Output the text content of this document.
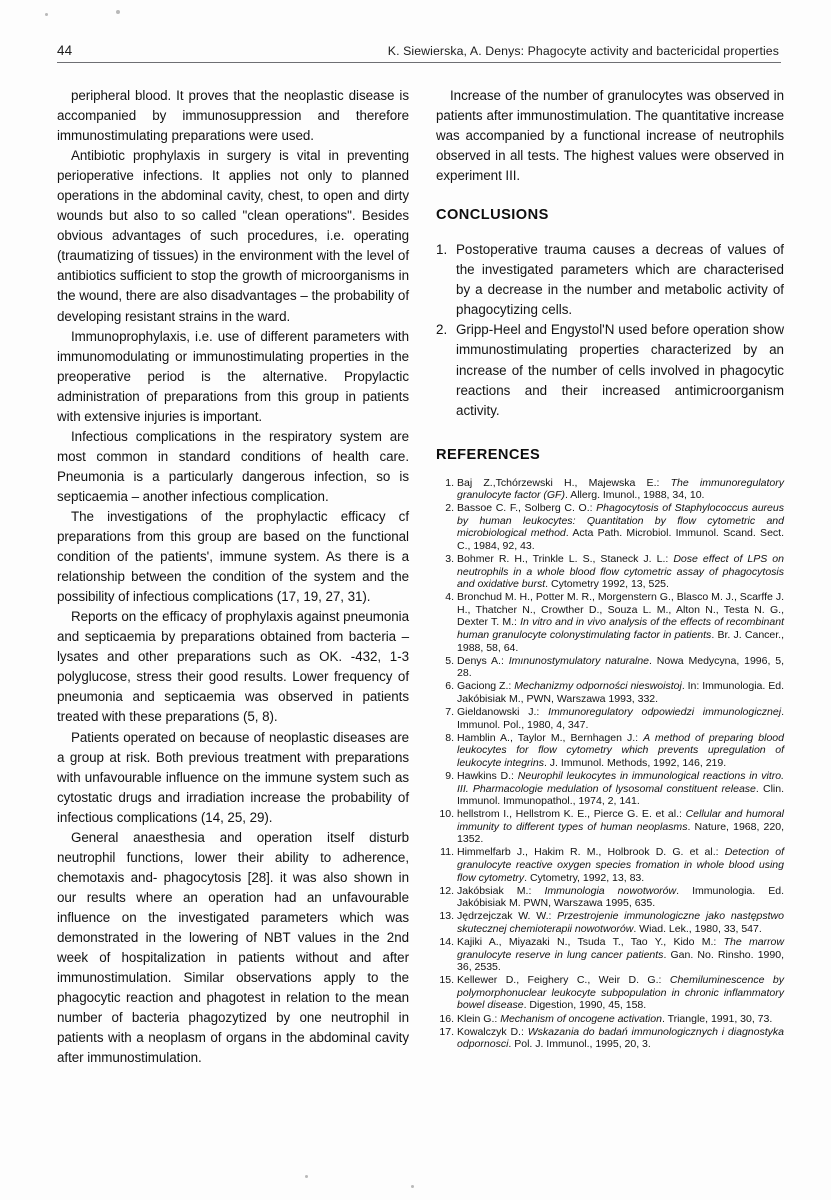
44	K. Siewierska, A. Denys: Phagocyte activity and bactericidal properties

peripheral blood. It proves that the neoplastic disease is accompanied by immunosuppression and therefore immunostimulating preparations were used.

Antibiotic prophylaxis in surgery is vital in preventing perioperative infections. It applies not only to planned operations in the abdominal cavity, chest, to open and dirty wounds but also to so called "clean operations". Besides obvious advantages of such procedures, i.e. operating (traumatizing of tissues) in the environment with the level of antibiotics sufficient to stop the growth of microorganisms in the wound, there are also disadvantages – the probability of developing resistant strains in the ward.

Immunoprophylaxis, i.e. use of different parameters with immunomodulating or immunostimulating properties in the preoperative period is the alternative. Propylactic administration of preparations from this group in patients with extensive injuries is important.

Infectious complications in the respiratory system are most common in standard conditions of health care. Pneumonia is a particularly dangerous infection, so is septicaemia – another infectious complication.

The investigations of the prophylactic efficacy cf preparations from this group are based on the functional condition of the patients', immune system. As there is a relationship between the condition of the system and the possibility of infectious complications (17, 19, 27, 31).

Reports on the efficacy of prophylaxis against pneumonia and septicaemia by preparations obtained from bacteria – lysates and other preparations such as OK. -432, 1-3 polyglucose, stress their good results. Lower frequency of pneumonia and septicaemia was observed in patients treated with these preparations (5, 8).

Patients operated on because of neoplastic diseases are a group at risk. Both previous treatment with preparations with unfavourable influence on the immune system such as cytostatic drugs and irradiation increase the probability of infectious complications (14, 25, 29).

General anaesthesia and operation itself disturb neutrophil functions, lower their ability to adherence, chemotaxis and- phagocytosis [28]. it was also shown in our results where an operation had an unfavourable influence on the investigated parameters which was demonstrated in the lowering of NBT values in the 2nd week of hospitalization in patients without and after immunostimulation. Similar observations apply to the phagocytic reaction and phagotest in relation to the mean number of bacteria phagozytized by one neutrophil in patients with a neoplasm of organs in the abdominal cavity after immunostimulation.

Increase of the number of granulocytes was observed in patients after immunostimulation. The quantitative increase was accompanied by a functional increase of neutrophils observed in all tests. The highest values were observed in experiment III.

CONCLUSIONS
1. Postoperative trauma causes a decreas of values of the investigated parameters which are characterised by a decrease in the number and metabolic activity of phagocytizing cells.
2. Gripp-Heel and Engystol'N used before operation show immunostimulating properties characterized by an increase of the number of cells involved in phagocytic reactions and their increased antimicroorganism activity.
REFERENCES
1. Baj Z.,Tchórzewski H., Majewska E.: The immunoregulatory granulocyte factor (GF). Allerg. Imunol., 1988, 34, 10.
2. Bassoe C. F., Solberg C. O.: Phagocytosis of Staphylococcus aureus by human leukocytes: Quantitation by flow cytometric and microbiological method. Acta Path. Microbiol. Immunol. Scand. Sect. C., 1984, 92, 43.
3. Bohmer R. H., Trinkle L. S., Staneck J. L.: Dose effect of LPS on neutrophils in a whole blood flow cytometric assay of phagocytosis and oxidative burst. Cytometry 1992, 13, 525.
4. Bronchud M. H., Potter M. R., Morgenstern G., Blasco M. J., Scarffe J. H., Thatcher N., Crowther D., Souza L. M., Alton N., Testa N. G., Dexter T. M.: In vitro and in vivo analysis of the effects of recombinant human granulocyte colonystimulating factor in patients. Br. J. Cancer., 1988, 58, 64.
5. Denys A.: Imınunostymulatory naturalne. Nowa Medycyna, 1996, 5, 28.
6. Gaciong Z.: Mechanizmy odporności nieswoistoj. In: Immunologia. Ed. Jakóbisiak M., PWN, Warszawa 1993, 332.
7. Gieldanowski J.: Immunoregulatory odpowiedzi immunologicznej. Immunol. Pol., 1980, 4, 347.
8. Hamblin A., Taylor M., Bernhagen J.: A method of preparing blood leukocytes for flow cytometry which prevents upregulation of leukocyte integrins. J. Immunol. Methods, 1992, 146, 219.
9. Hawkins D.: Neurophil leukocytes in immunological reactions in vitro. III. Pharmacologie medulation of lysosomal constituent release. Clin. Immunol. Immunopathol., 1974, 2, 141.
10. hellstrom I., Hellstrom K. E., Pierce G. E. et al.: Cellular and humoral immunity to different types of human neoplasms. Nature, 1968, 220, 1352.
11. Himmelfarb J., Hakim R. M., Holbrook D. G. et al.: Detection of granulocyte reactive oxygen species fromation in whole blood using flow cytometry. Cytometry, 1992, 13, 83.
12. Jakóbsiak M.: Immunologia nowotworów. Immunologia. Ed. Jakóbisiak M. PWN, Warszawa 1995, 635.
13. Jędrzejczak W. W.: Przestrojenie immunologiczne jako następstwo skutecznej chemioterapii nowotworów. Wiad. Lek., 1980, 33, 547.
14. Kajiki A., Miyazaki N., Tsuda T., Tao Y., Kido M.: The marrow granulocyte reserve in lung cancer patients. Gan. No. Rinsho. 1990, 36, 2535.
15. Kellewer D., Feighery C., Weir D. G.: Chemiluminescence by polymorphonuclear leukocyte subpopulation in chronic inflammatory bowel disease. Digestion, 1990, 45, 158.
16. Klein G.: Mechanism of oncogene activation. Triangle, 1991, 30, 73.
17. Kowalczyk D.: Wskazania do badań immunologicznych i diagnostyka odpornosci. Pol. J. Immunol., 1995, 20, 3.
